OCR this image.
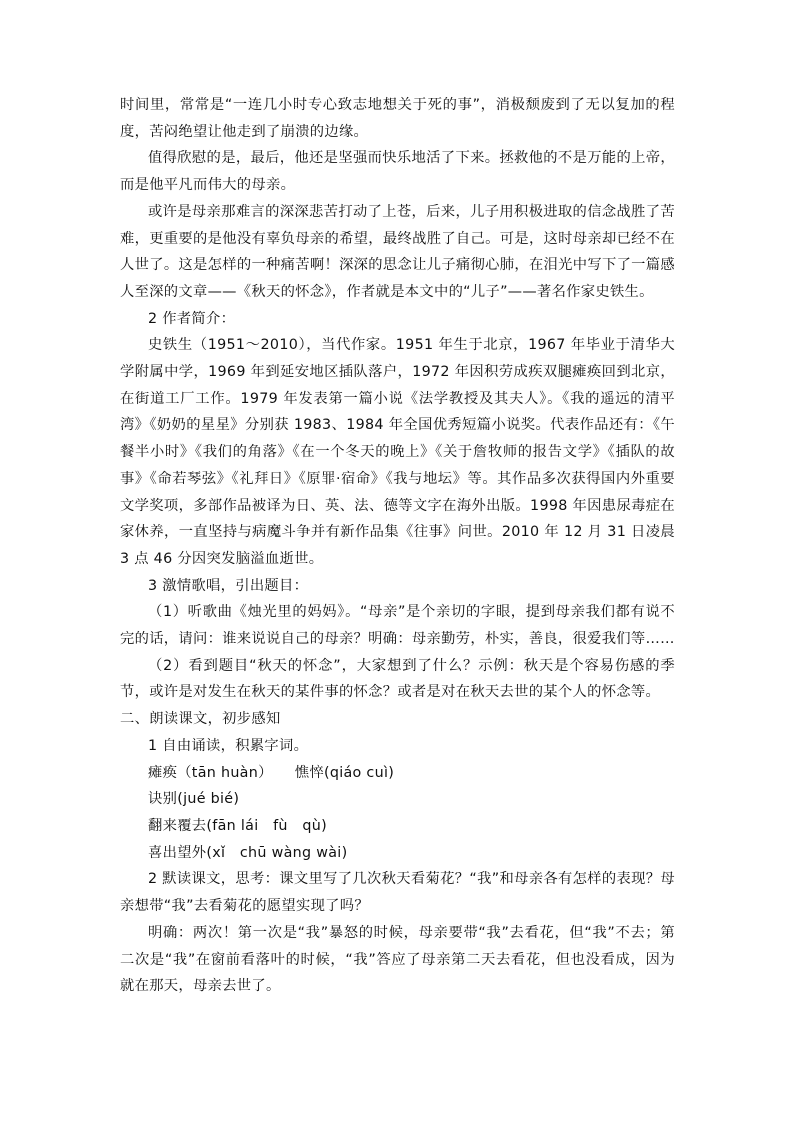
时间里，常常是“一连几小时专心致志地想关于死的事”，消极颓废到了无以复加的程度，苦闷绝望让他走到了崩溃的边缘。

值得欣慰的是，最后，他还是坚强而快乐地活了下来。拯救他的不是万能的上帝，而是他平凡而伟大的母亲。

或许是母亲那难言的深深悲苦打动了上苍，后来，儿子用积极进取的信念战胜了苦难，更重要的是他没有辜负母亲的希望，最终战胜了自己。可是，这时母亲却已经不在人世了。这是怎样的一种痛苦啊！深深的思念让儿子痛彻心肺，在泪光中写下了一篇感人至深的文章——《秋天的怀念》，作者就是本文中的“儿子”——著名作家史铁生。

2 作者简介：

史铁生（1951～2010），当代作家。1951 年生于北京，1967 年毕业于清华大学附属中学，1969 年到延安地区插队落户，1972 年因积劳成疾双腿瘫痪回到北京，在街道工厂工作。1979 年发表第一篇小说《法学教授及其夫人》。《我的遥远的清平湾》《奶奶的星星》分别获 1983、1984 年全国优秀短篇小说奖。代表作品还有：《午餐半小时》《我们的角落》《在一个冬天的晚上》《关于詹牧师的报告文学》《插队的故事》《命若琴弦》《礼拜日》《原罪·宿命》《我与地坛》等。其作品多次获得国内外重要文学奖项，多部作品被译为日、英、法、德等文字在海外出版。1998 年因患尿毒症在家休养，一直坚持与病魔斗争并有新作品集《往事》问世。2010 年 12 月 31 日凌晨 3 点 46 分因突发脑溢血逝世。

3 激情歌唱，引出题目：

（1）听歌曲《烛光里的妈妈》。“母亲”是个亲切的字眼，提到母亲我们都有说不完的话，请问：谁来说说自己的母亲？明确：母亲勤劳，朴实，善良，很爱我们等……

（2）看到题目“秋天的怀念”，大家想到了什么？示例：秋天是个容易伤感的季节，或许是对发生在秋天的某件事的怀念？或者是对在秋天去世的某个人的怀念等。

二、朗读课文，初步感知

1 自由诵读，积累字词。

瘫痪（tān huàn）　　憔悴(qiáo cuì)

诀别(jué bié)

翻来覆去(fān lái　fù　qù)

喜出望外(xǐ　chū wàng wài)

2 默读课文，思考：课文里写了几次秋天看菊花？“我”和母亲各有怎样的表现？母亲想带“我”去看菊花的愿望实现了吗？

明确：两次！第一次是“我”暴怒的时候，母亲要带“我”去看花，但“我”不去；第二次是“我”在窗前看落叶的时候，“我”答应了母亲第二天去看花，但也没看成，因为就在那天，母亲去世了。
